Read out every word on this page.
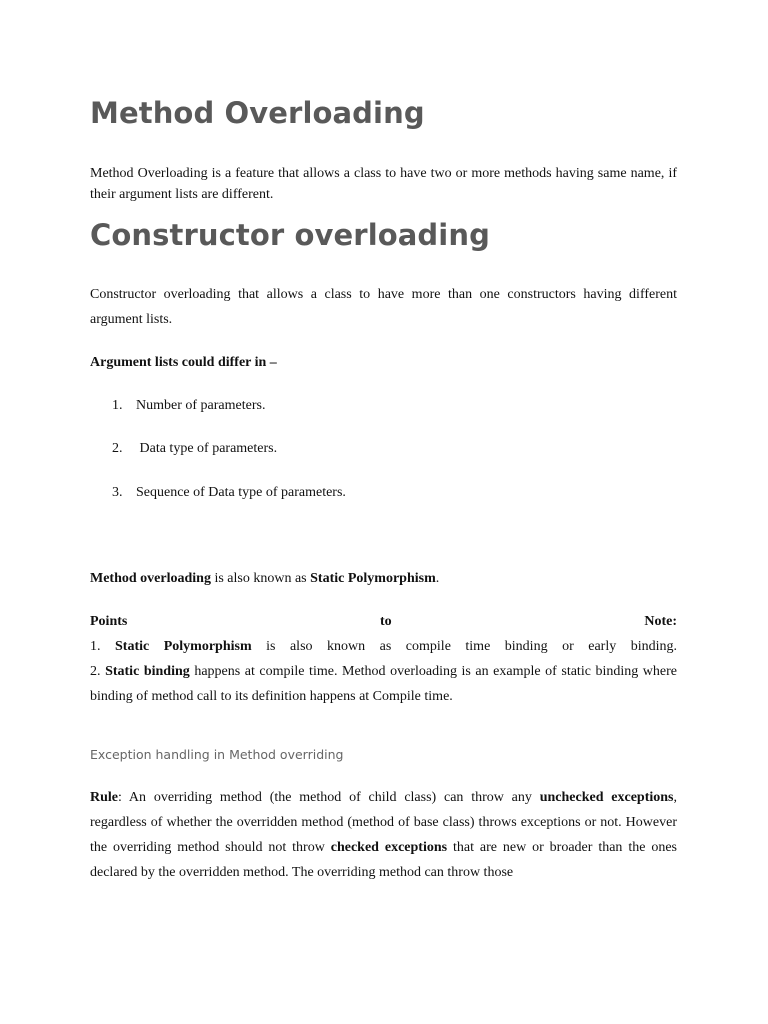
Method Overloading

Method Overloading is a feature that allows a class to have two or more methods having same name, if their argument lists are different.

Constructor overloading

Constructor overloading that allows a class to have more than one constructors having different argument lists.

Argument lists could differ in –

1. Number of parameters.
2. Data type of parameters.
3. Sequence of Data type of parameters.

Method overloading is also known as Static Polymorphism.

Points	to	Note:
1. Static Polymorphism is also known as compile time binding or early binding.
2. Static binding happens at compile time. Method overloading is an example of static binding where binding of method call to its definition happens at Compile time.

Exception handling in Method overriding

Rule: An overriding method (the method of child class) can throw any unchecked exceptions, regardless of whether the overridden method (method of base class) throws exceptions or not. However the overriding method should not throw checked exceptions that are new or broader than the ones declared by the overridden method. The overriding method can throw those
